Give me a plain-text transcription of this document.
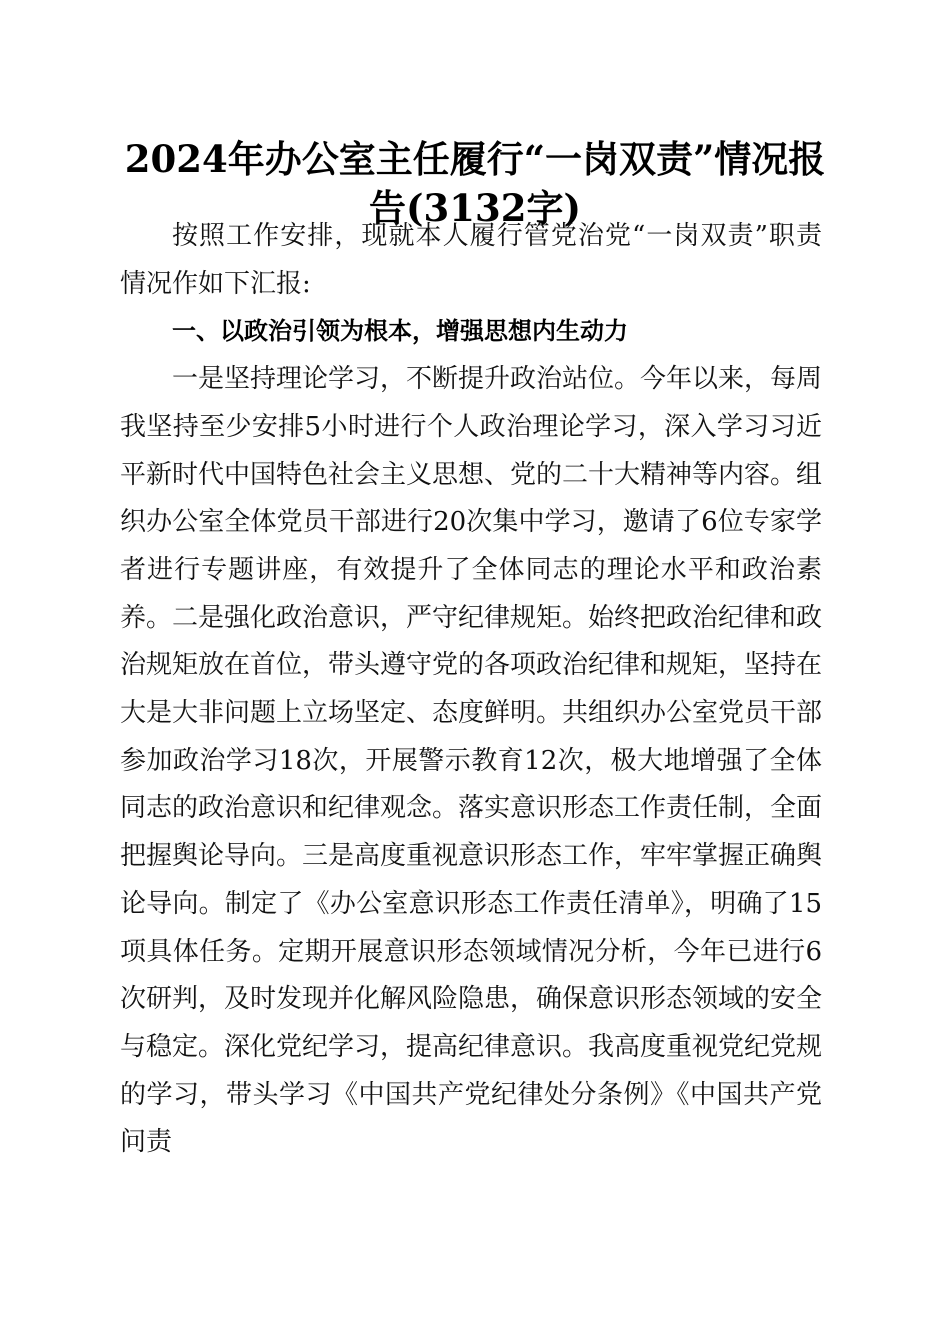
2024年办公室主任履行“一岗双责”情况报告(3132字)

按照工作安排，现就本人履行管党治党“一岗双责”职责情况作如下汇报:

一、以政治引领为根本，增强思想内生动力

一是坚持理论学习，不断提升政治站位。今年以来，每周我坚持至少安排5小时进行个人政治理论学习，深入学习习近平新时代中国特色社会主义思想、党的二十大精神等内容。组织办公室全体党员干部进行20次集中学习，邀请了6位专家学者进行专题讲座，有效提升了全体同志的理论水平和政治素养。二是强化政治意识，严守纪律规矩。始终把政治纪律和政治规矩放在首位，带头遵守党的各项政治纪律和规矩，坚持在大是大非问题上立场坚定、态度鲜明。共组织办公室党员干部参加政治学习18次，开展警示教育12次，极大地增强了全体同志的政治意识和纪律观念。落实意识形态工作责任制，全面把握舆论导向。三是高度重视意识形态工作，牢牢掌握正确舆论导向。制定了《办公室意识形态工作责任清单》，明确了15项具体任务。定期开展意识形态领域情况分析，今年已进行6次研判，及时发现并化解风险隐患，确保意识形态领域的安全与稳定。深化党纪学习，提高纪律意识。我高度重视党纪党规的学习，带头学习《中国共产党纪律处分条例》《中国共产党问责
